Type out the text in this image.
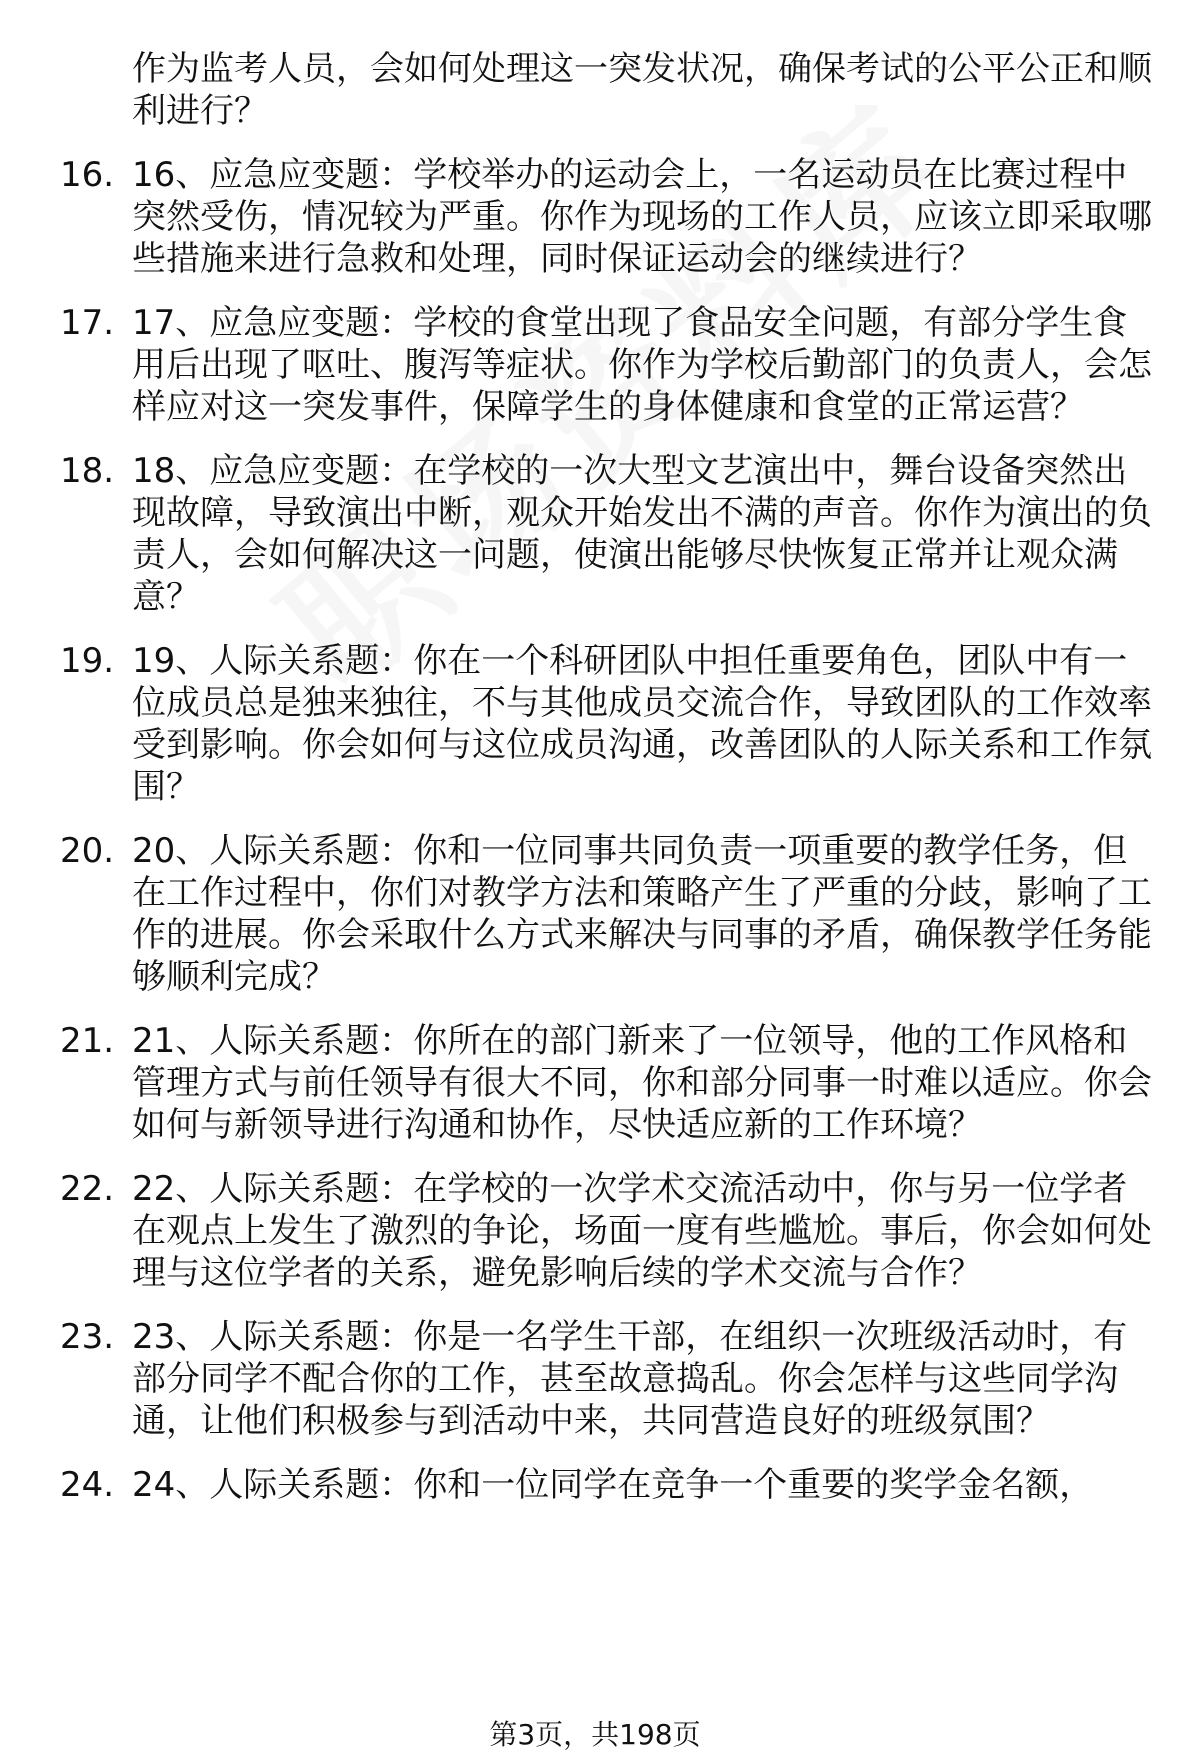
作为监考人员，会如何处理这一突发状况，确保考试的公平公正和顺利进行？
16. 16、应急应变题：学校举办的运动会上，一名运动员在比赛过程中突然受伤，情况较为严重。你作为现场的工作人员，应该立即采取哪些措施来进行急救和处理，同时保证运动会的继续进行？
17. 17、应急应变题：学校的食堂出现了食品安全问题，有部分学生食用后出现了呕吐、腹泻等症状。你作为学校后勤部门的负责人，会怎样应对这一突发事件，保障学生的身体健康和食堂的正常运营？
18. 18、应急应变题：在学校的一次大型文艺演出中，舞台设备突然出现故障，导致演出中断，观众开始发出不满的声音。你作为演出的负责人，会如何解决这一问题，使演出能够尽快恢复正常并让观众满意？
19. 19、人际关系题：你在一个科研团队中担任重要角色，团队中有一位成员总是独来独往，不与其他成员交流合作，导致团队的工作效率受到影响。你会如何与这位成员沟通，改善团队的人际关系和工作氛围？
20. 20、人际关系题：你和一位同事共同负责一项重要的教学任务，但在工作过程中，你们对教学方法和策略产生了严重的分歧，影响了工作的进展。你会采取什么方式来解决与同事的矛盾，确保教学任务能够顺利完成？
21. 21、人际关系题：你所在的部门新来了一位领导，他的工作风格和管理方式与前任领导有很大不同，你和部分同事一时难以适应。你会如何与新领导进行沟通和协作，尽快适应新的工作环境？
22. 22、人际关系题：在学校的一次学术交流活动中，你与另一位学者在观点上发生了激烈的争论，场面一度有些尴尬。事后，你会如何处理与这位学者的关系，避免影响后续的学术交流与合作？
23. 23、人际关系题：你是一名学生干部，在组织一次班级活动时，有部分同学不配合你的工作，甚至故意捣乱。你会怎样与这些同学沟通，让他们积极参与到活动中来，共同营造良好的班级氛围？
24. 24、人际关系题：你和一位同学在竞争一个重要的奖学金名额，
第3页，共198页
